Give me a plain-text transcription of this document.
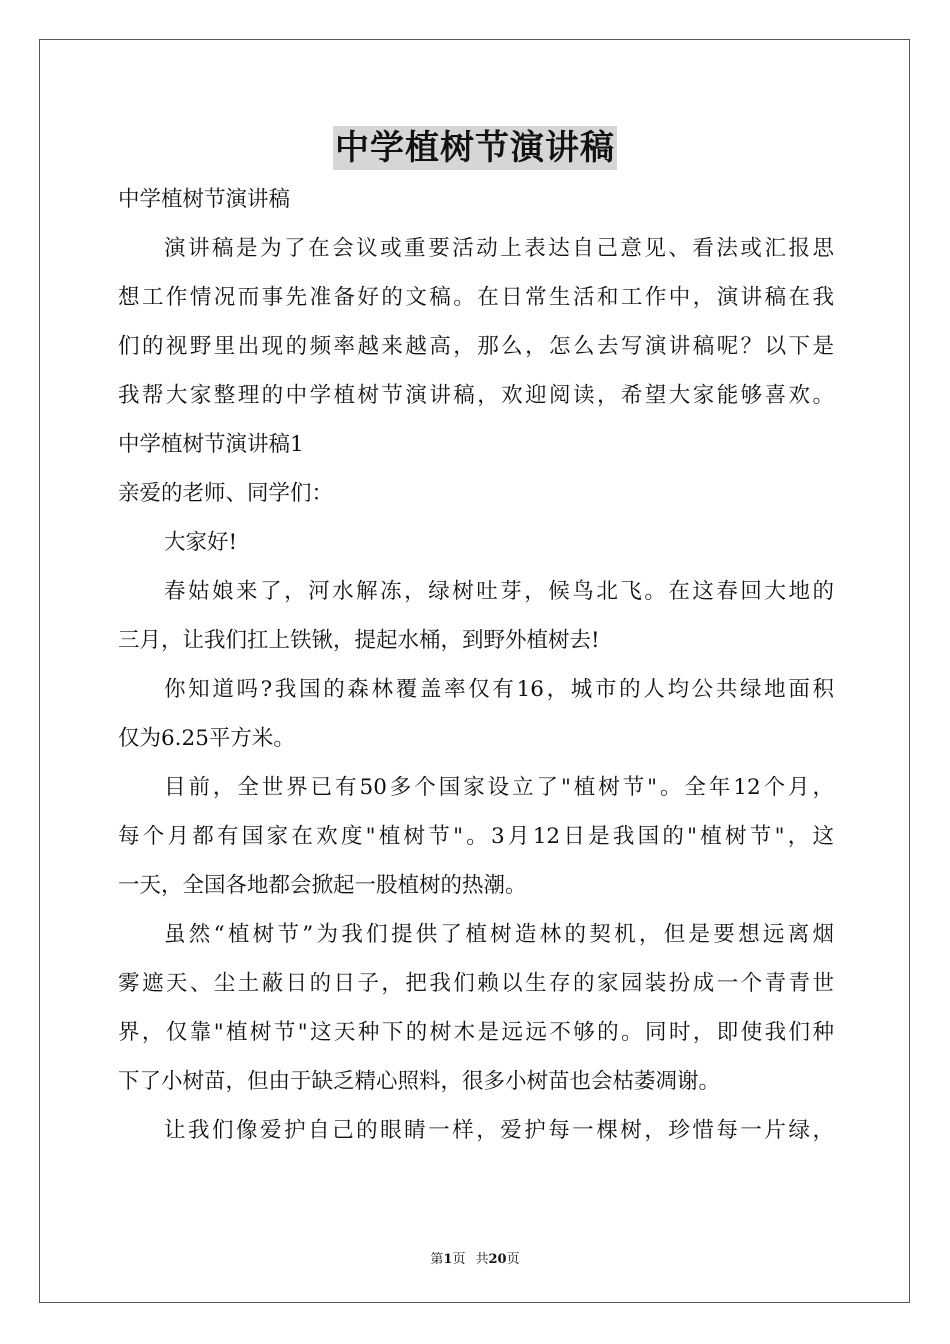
中学植树节演讲稿
中学植树节演讲稿
演讲稿是为了在会议或重要活动上表达自己意见、看法或汇报思
想工作情况而事先准备好的文稿。在日常生活和工作中，演讲稿在我
们的视野里出现的频率越来越高，那么，怎么去写演讲稿呢？以下是
我帮大家整理的中学植树节演讲稿，欢迎阅读，希望大家能够喜欢。
中学植树节演讲稿1
亲爱的老师、同学们：
大家好!
春姑娘来了，河水解冻，绿树吐芽，候鸟北飞。在这春回大地的
三月，让我们扛上铁锹，提起水桶，到野外植树去!
你知道吗?我国的森林覆盖率仅有16，城市的人均公共绿地面积
仅为6.25平方米。
目前，全世界已有50多个国家设立了"植树节"。全年12个月，
每个月都有国家在欢度"植树节"。3月12日是我国的"植树节"，这
一天，全国各地都会掀起一股植树的热潮。
虽然“植树节”为我们提供了植树造林的契机，但是要想远离烟
雾遮天、尘土蔽日的日子，把我们赖以生存的家园装扮成一个青青世
界，仅靠"植树节"这天种下的树木是远远不够的。同时，即使我们种
下了小树苗，但由于缺乏精心照料，很多小树苗也会枯萎凋谢。
让我们像爱护自己的眼睛一样，爱护每一棵树，珍惜每一片绿，
第1页 共20页
